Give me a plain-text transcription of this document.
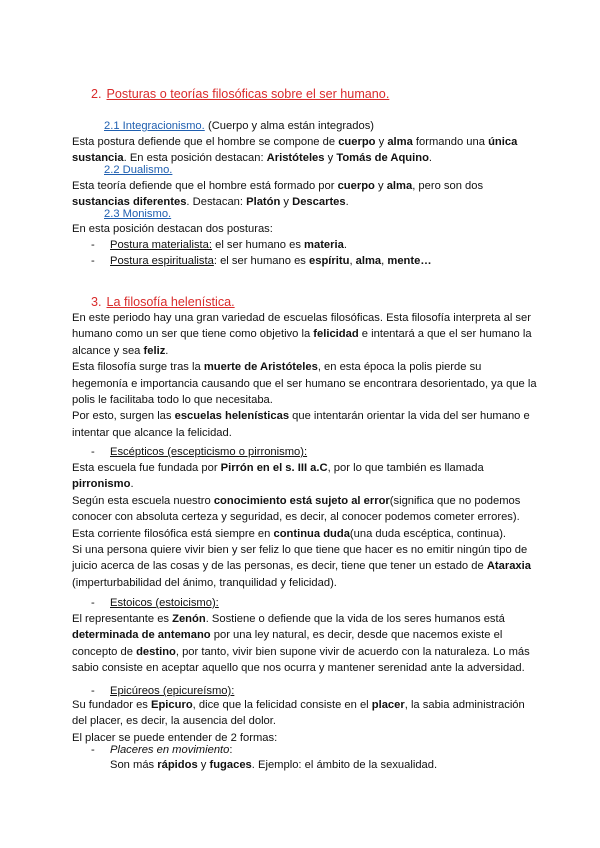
2. Posturas o teorías filosóficas sobre el ser humano.
2.1 Integracionismo. (Cuerpo y alma están integrados)

Esta postura defiende que el hombre se compone de cuerpo y alma formando una única sustancia. En esta posición destacan: Aristóteles y Tomás de Aquino.

2.2 Dualismo.

Esta teoría defiende que el hombre está formado por cuerpo y alma, pero son dos sustancias diferentes. Destacan: Platón y Descartes.

2.3 Monismo.
En esta posición destacan dos posturas:
- Postura materialista: el ser humano es materia.
- Postura espiritualista: el ser humano es espíritu, alma, mente…
3. La filosofía helenística.

En este periodo hay una gran variedad de escuelas filosóficas. Esta filosofía interpreta al ser humano como un ser que tiene como objetivo la felicidad e intentará a que el ser humano la alcance y sea feliz.

Esta filosofía surge tras la muerte de Aristóteles, en esta época la polis pierde su hegemonía e importancia causando que el ser humano se encontrara desorientado, ya que la polis le facilitaba todo lo que necesitaba.

Por esto, surgen las escuelas helenísticas que intentarán orientar la vida del ser humano e intentar que alcance la felicidad.

- Escépticos (escepticismo o pirronismo):

Esta escuela fue fundada por Pirrón en el s. III a.C, por lo que también es llamada pirronismo.

Según esta escuela nuestro conocimiento está sujeto al error(significa que no podemos conocer con absoluta certeza y seguridad, es decir, al conocer podemos cometer errores).

Esta corriente filosófica está siempre en continua duda(una duda escéptica, continua).

Si una persona quiere vivir bien y ser feliz lo que tiene que hacer es no emitir ningún tipo de juicio acerca de las cosas y de las personas, es decir, tiene que tener un estado de Ataraxia (imperturbabilidad del ánimo, tranquilidad y felicidad).

- Estoicos (estoicismo):

El representante es Zenón. Sostiene o defiende que la vida de los seres humanos está determinada de antemano por una ley natural, es decir, desde que nacemos existe el concepto de destino, por tanto, vivir bien supone vivir de acuerdo con la naturaleza. Lo más sabio consiste en aceptar aquello que nos ocurra y mantener serenidad ante la adversidad.

- Epicúreos (epicureísmo):

Su fundador es Epicuro, dice que la felicidad consiste en el placer, la sabia administración del placer, es decir, la ausencia del dolor.

El placer se puede entender de 2 formas:

- Placeres en movimiento:
Son más rápidos y fugaces. Ejemplo: el ámbito de la sexualidad.
